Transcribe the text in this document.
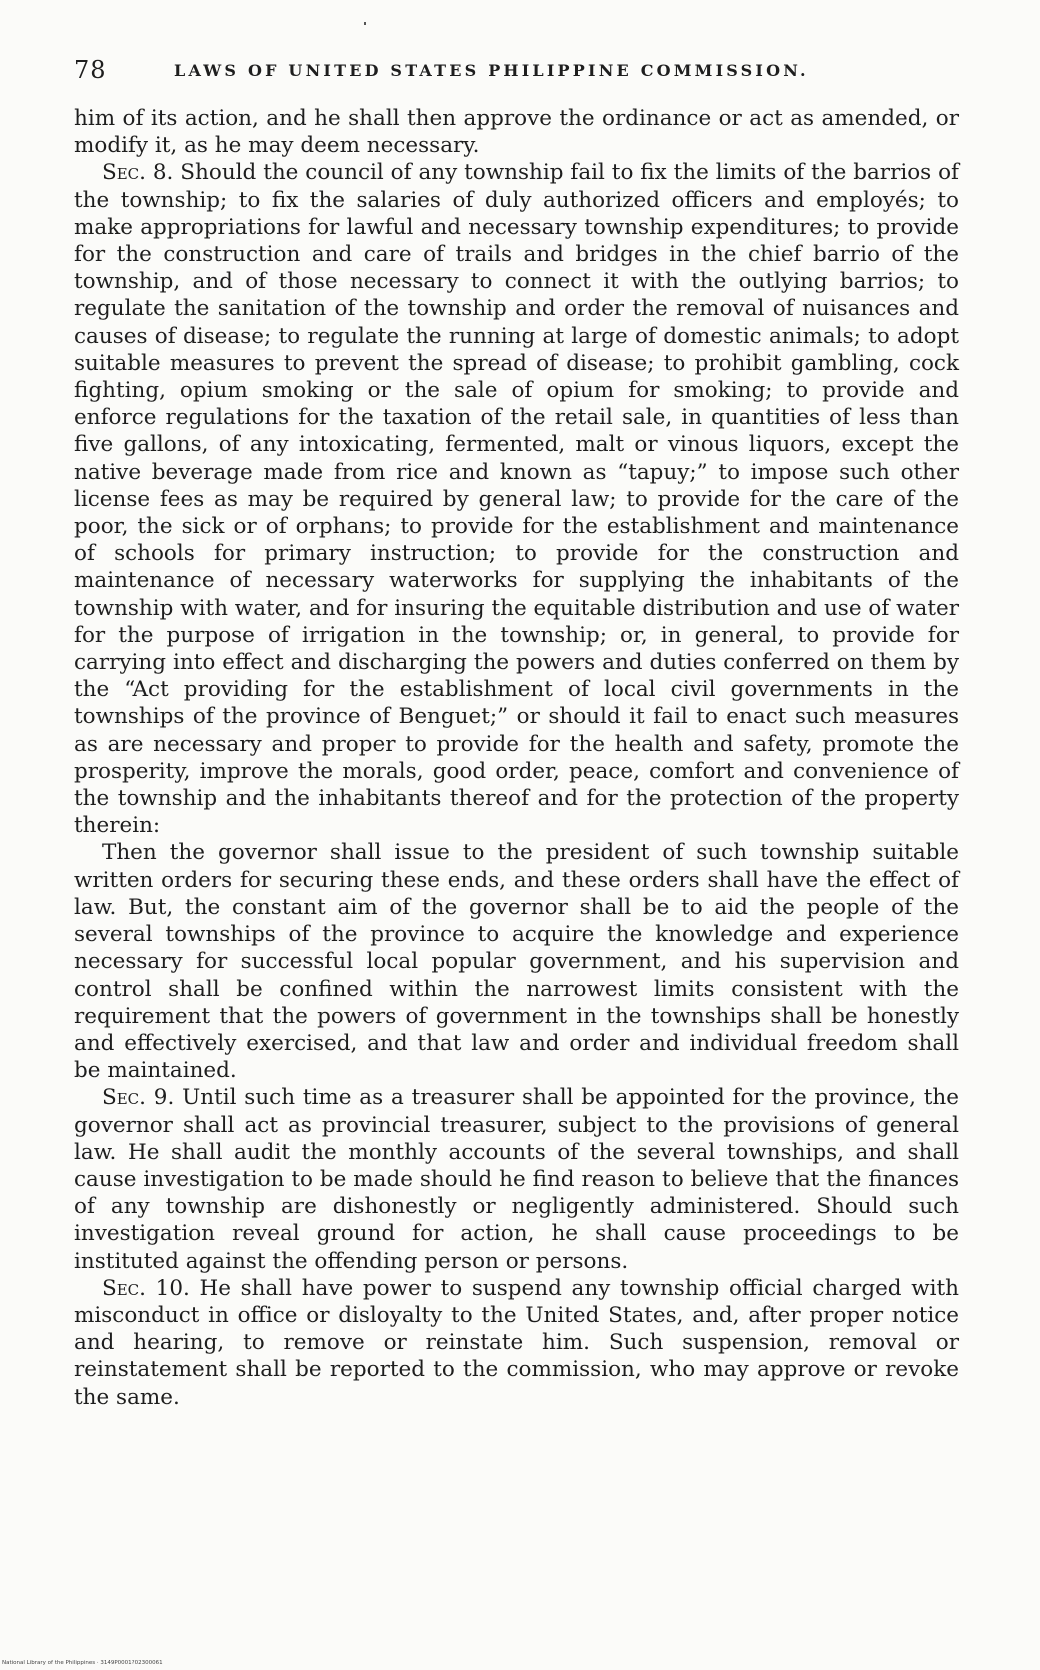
78	LAWS OF UNITED STATES PHILIPPINE COMMISSION.

him of its action, and he shall then approve the ordinance or act as amended, or modify it, as he may deem necessary.

Sec. 8. Should the council of any township fail to fix the limits of the barrios of the township; to fix the salaries of duly authorized officers and employés; to make appropriations for lawful and necessary township expenditures; to provide for the construction and care of trails and bridges in the chief barrio of the township, and of those necessary to connect it with the outlying barrios; to regulate the sanitation of the township and order the removal of nuisances and causes of disease; to regulate the running at large of domestic animals; to adopt suitable measures to prevent the spread of disease; to prohibit gambling, cock fighting, opium smoking or the sale of opium for smoking; to provide and enforce regulations for the taxation of the retail sale, in quantities of less than five gallons, of any intoxicating, fermented, malt or vinous liquors, except the native beverage made from rice and known as “tapuy;” to impose such other license fees as may be required by general law; to provide for the care of the poor, the sick or of orphans; to provide for the establishment and maintenance of schools for primary instruction; to provide for the construction and maintenance of necessary waterworks for supplying the inhabitants of the township with water, and for insuring the equitable distribution and use of water for the purpose of irrigation in the township; or, in general, to provide for carrying into effect and discharging the powers and duties conferred on them by the “Act providing for the establishment of local civil governments in the townships of the province of Benguet;” or should it fail to enact such measures as are necessary and proper to provide for the health and safety, promote the prosperity, improve the morals, good order, peace, comfort and convenience of the township and the inhabitants thereof and for the protection of the property therein:

Then the governor shall issue to the president of such township suitable written orders for securing these ends, and these orders shall have the effect of law. But, the constant aim of the governor shall be to aid the people of the several townships of the province to acquire the knowledge and experience necessary for successful local popular government, and his supervision and control shall be confined within the narrowest limits consistent with the requirement that the powers of government in the townships shall be honestly and effectively exercised, and that law and order and individual freedom shall be maintained.

Sec. 9. Until such time as a treasurer shall be appointed for the province, the governor shall act as provincial treasurer, subject to the provisions of general law. He shall audit the monthly accounts of the several townships, and shall cause investigation to be made should he find reason to believe that the finances of any township are dishonestly or negligently administered. Should such investigation reveal ground for action, he shall cause proceedings to be instituted against the offending person or persons.

Sec. 10. He shall have power to suspend any township official charged with misconduct in office or disloyalty to the United States, and, after proper notice and hearing, to remove or reinstate him. Such suspension, removal or reinstatement shall be reported to the commission, who may approve or revoke the same.

National Library of the Philippines · 3149P0001?02300061
